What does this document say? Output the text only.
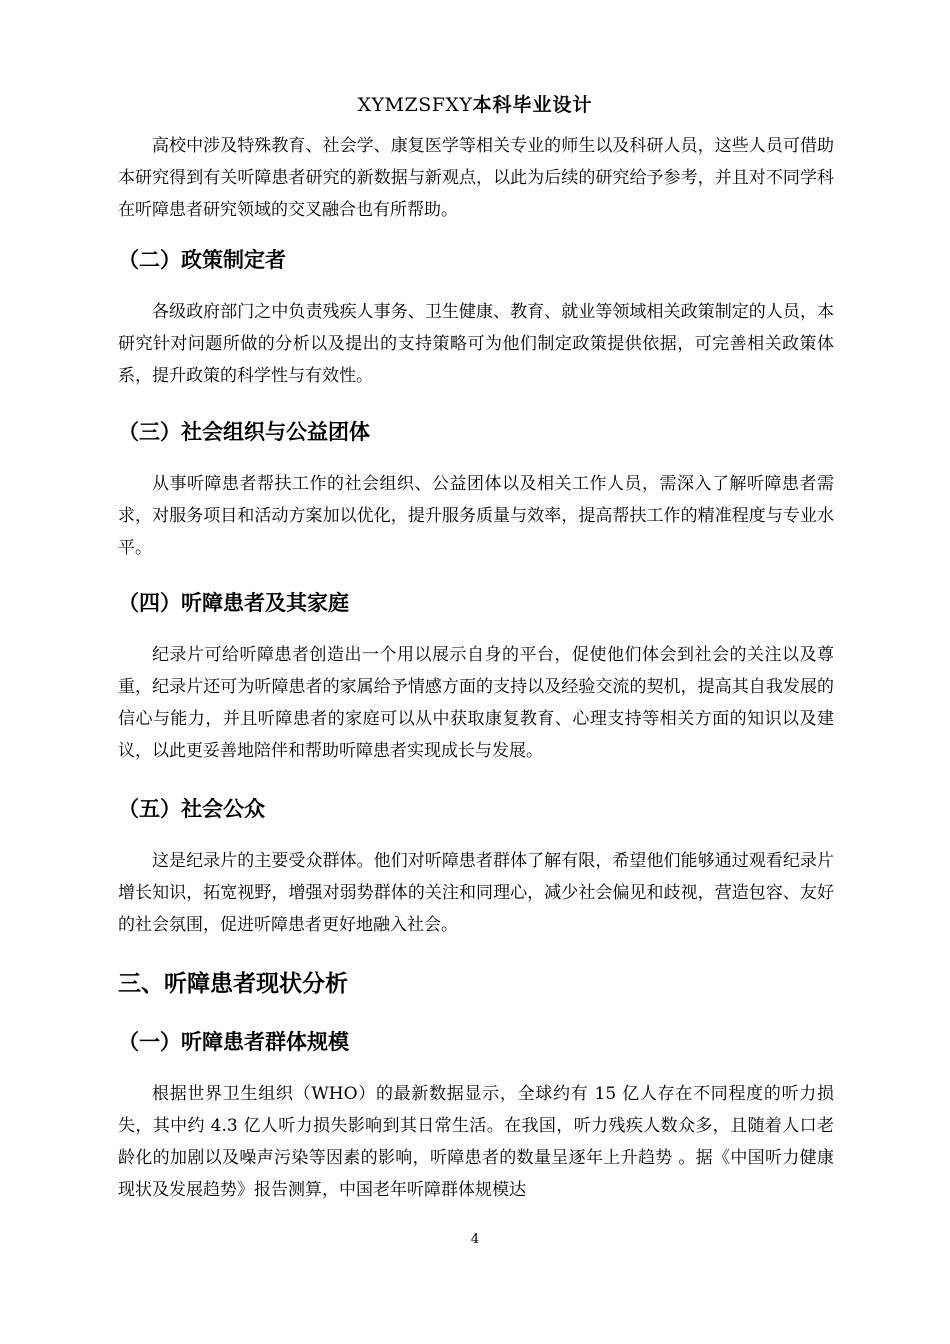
XYMZSFXY本科毕业设计

高校中涉及特殊教育、社会学、康复医学等相关专业的师生以及科研人员，这些人员可借助本研究得到有关听障患者研究的新数据与新观点，以此为后续的研究给予参考，并且对不同学科在听障患者研究领域的交叉融合也有所帮助。

（二）政策制定者

各级政府部门之中负责残疾人事务、卫生健康、教育、就业等领域相关政策制定的人员，本研究针对问题所做的分析以及提出的支持策略可为他们制定政策提供依据，可完善相关政策体系，提升政策的科学性与有效性。

（三）社会组织与公益团体

从事听障患者帮扶工作的社会组织、公益团体以及相关工作人员，需深入了解听障患者需求，对服务项目和活动方案加以优化，提升服务质量与效率，提高帮扶工作的精准程度与专业水平。

（四）听障患者及其家庭

纪录片可给听障患者创造出一个用以展示自身的平台，促使他们体会到社会的关注以及尊重，纪录片还可为听障患者的家属给予情感方面的支持以及经验交流的契机，提高其自我发展的信心与能力，并且听障患者的家庭可以从中获取康复教育、心理支持等相关方面的知识以及建议，以此更妥善地陪伴和帮助听障患者实现成长与发展。

（五）社会公众

这是纪录片的主要受众群体。他们对听障患者群体了解有限，希望他们能够通过观看纪录片增长知识，拓宽视野，增强对弱势群体的关注和同理心，减少社会偏见和歧视，营造包容、友好的社会氛围，促进听障患者更好地融入社会。

三、听障患者现状分析
（一）听障患者群体规模

根据世界卫生组织（WHO）的最新数据显示，全球约有 15 亿人存在不同程度的听力损失，其中约 4.3 亿人听力损失影响到其日常生活。在我国，听力残疾人数众多，且随着人口老龄化的加剧以及噪声污染等因素的影响，听障患者的数量呈逐年上升趋势 。据《中国听力健康现状及发展趋势》报告测算，中国老年听障群体规模达

4
